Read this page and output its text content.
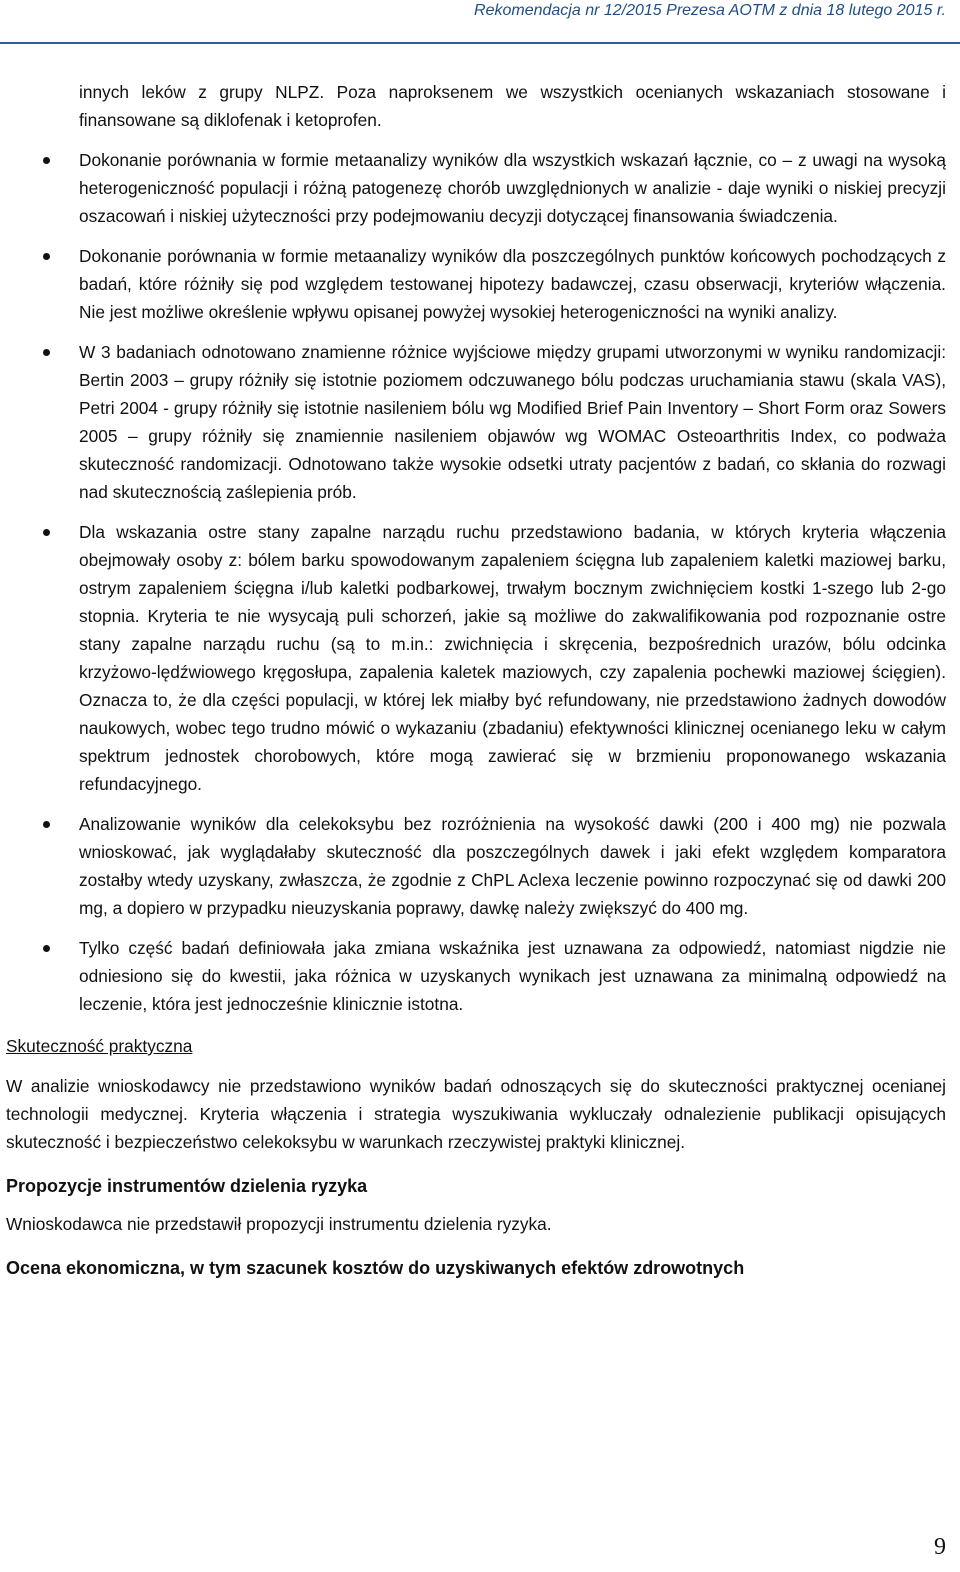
Rekomendacja nr 12/2015 Prezesa AOTM z dnia 18 lutego 2015 r.
innych leków z grupy NLPZ. Poza naproksenem we wszystkich ocenianych wskazaniach stosowane i finansowane są diklofenak i ketoprofen.
Dokonanie porównania w formie metaanalizy wyników dla wszystkich wskazań łącznie, co – z uwagi na wysoką heterogeniczność populacji i różną patogenezę chorób uwzględnionych w analizie - daje wyniki o niskiej precyzji oszacowań i niskiej użyteczności przy podejmowaniu decyzji dotyczącej finansowania świadczenia.
Dokonanie porównania w formie metaanalizy wyników dla poszczególnych punktów końcowych pochodzących z badań, które różniły się pod względem testowanej hipotezy badawczej, czasu obserwacji, kryteriów włączenia. Nie jest możliwe określenie wpływu opisanej powyżej wysokiej heterogeniczności na wyniki analizy.
W 3 badaniach odnotowano znamienne różnice wyjściowe między grupami utworzonymi w wyniku randomizacji: Bertin 2003 – grupy różniły się istotnie poziomem odczuwanego bólu podczas uruchamiania stawu (skala VAS), Petri 2004 - grupy różniły się istotnie nasileniem bólu wg Modified Brief Pain Inventory – Short Form oraz Sowers 2005 – grupy różniły się znamiennie nasileniem objawów wg WOMAC Osteoarthritis Index, co podważa skuteczność randomizacji. Odnotowano także wysokie odsetki utraty pacjentów z badań, co skłania do rozwagi nad skutecznością zaślepienia prób.
Dla wskazania ostre stany zapalne narządu ruchu przedstawiono badania, w których kryteria włączenia obejmowały osoby z: bólem barku spowodowanym zapaleniem ścięgna lub zapaleniem kaletki maziowej barku, ostrym zapaleniem ścięgna i/lub kaletki podbarkowej, trwałym bocznym zwichnięciem kostki 1-szego lub 2-go stopnia. Kryteria te nie wysycają puli schorzeń, jakie są możliwe do zakwalifikowania pod rozpoznanie ostre stany zapalne narządu ruchu (są to m.in.: zwichnięcia i skręcenia, bezpośrednich urazów, bólu odcinka krzyżowo-lędźwiowego kręgosłupa, zapalenia kaletek maziowych, czy zapalenia pochewki maziowej ścięgien). Oznacza to, że dla części populacji, w której lek miałby być refundowany, nie przedstawiono żadnych dowodów naukowych, wobec tego trudno mówić o wykazaniu (zbadaniu) efektywności klinicznej ocenianego leku w całym spektrum jednostek chorobowych, które mogą zawierać się w brzmieniu proponowanego wskazania refundacyjnego.
Analizowanie wyników dla celekoksybu bez rozróżnienia na wysokość dawki (200 i 400 mg) nie pozwala wnioskować, jak wyglądałaby skuteczność dla poszczególnych dawek i jaki efekt względem komparatora zostałby wtedy uzyskany, zwłaszcza, że zgodnie z ChPL Aclexa leczenie powinno rozpoczynać się od dawki 200 mg, a dopiero w przypadku nieuzyskania poprawy, dawkę należy zwiększyć do 400 mg.
Tylko część badań definiowała jaka zmiana wskaźnika jest uznawana za odpowiedź, natomiast nigdzie nie odniesiono się do kwestii, jaka różnica w uzyskanych wynikach jest uznawana za minimalną odpowiedź na leczenie, która jest jednocześnie klinicznie istotna.
Skuteczność praktyczna

W analizie wnioskodawcy nie przedstawiono wyników badań odnoszących się do skuteczności praktycznej ocenianej technologii medycznej. Kryteria włączenia i strategia wyszukiwania wykluczały odnalezienie publikacji opisujących skuteczność i bezpieczeństwo celekoksybu w warunkach rzeczywistej praktyki klinicznej.

Propozycje instrumentów dzielenia ryzyka

Wnioskodawca nie przedstawił propozycji instrumentu dzielenia ryzyka.

Ocena ekonomiczna, w tym szacunek kosztów do uzyskiwanych efektów zdrowotnych
9
